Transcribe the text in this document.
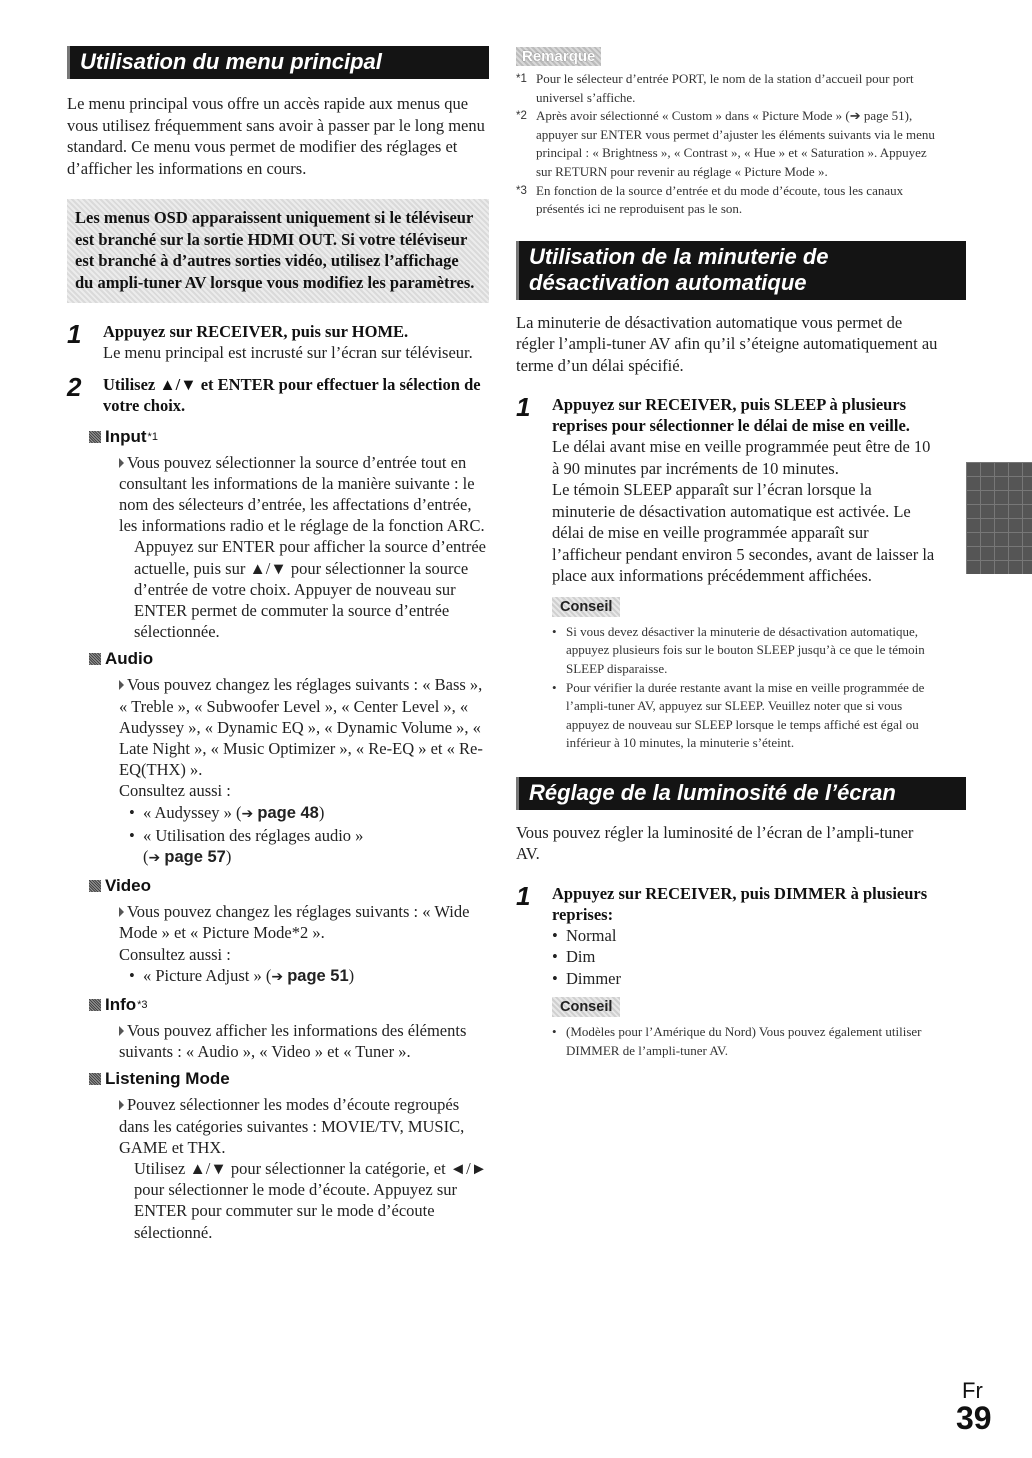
Utilisation du menu principal

Le menu principal vous offre un accès rapide aux menus que vous utilisez fréquemment sans avoir à passer par le long menu standard. Ce menu vous permet de modifier des réglages et d’afficher les informations en cours.

Les menus OSD apparaissent uniquement si le téléviseur est branché sur la sortie HDMI OUT. Si votre téléviseur est branché à d’autres sorties vidéo, utilisez l’affichage du ampli-tuner AV lorsque vous modifiez les paramètres.
1 Appuyez sur RECEIVER, puis sur HOME.
Le menu principal est incrusté sur l’écran sur téléviseur.
2 Utilisez ▲/▼ et ENTER pour effectuer la sélection de votre choix.
Input *1
Vous pouvez sélectionner la source d’entrée tout en consultant les informations de la manière suivante : le nom des sélecteurs d’entrée, les affectations d’entrée, les informations radio et le réglage de la fonction ARC.
Appuyez sur ENTER pour afficher la source d’entrée actuelle, puis sur ▲/▼ pour sélectionner la source d’entrée de votre choix. Appuyer de nouveau sur ENTER permet de commuter la source d’entrée sélectionnée.
Audio
Vous pouvez changez les réglages suivants : « Bass », « Treble », « Subwoofer Level », « Center Level », « Audyssey », « Dynamic EQ », « Dynamic Volume », « Late Night », « Music Optimizer », « Re-EQ » et « Re-EQ(THX) ».
Consultez aussi :
• « Audyssey » (➔ page 48)
• « Utilisation des réglages audio »
(➔ page 57)
Video
Vous pouvez changez les réglages suivants : « Wide Mode » et « Picture Mode*2 ».
Consultez aussi :
• « Picture Adjust » (➔ page 51)
Info *3
Vous pouvez afficher les informations des éléments suivants : « Audio », « Video » et « Tuner ».
Listening Mode
Pouvez sélectionner les modes d’écoute regroupés dans les catégories suivantes : MOVIE/TV, MUSIC, GAME et THX.
Utilisez ▲/▼ pour sélectionner la catégorie, et ◄/► pour sélectionner le mode d’écoute. Appuyez sur ENTER pour commuter sur le mode d’écoute sélectionné.
Remarque
*1 Pour le sélecteur d’entrée PORT, le nom de la station d’accueil pour port universel s’affiche.
*2 Après avoir sélectionné « Custom » dans « Picture Mode » (➔ page 51), appuyer sur ENTER vous permet d’ajuster les éléments suivants via le menu principal : « Brightness », « Contrast », « Hue » et « Saturation ». Appuyez sur RETURN pour revenir au réglage « Picture Mode ».
*3 En fonction de la source d’entrée et du mode d’écoute, tous les canaux présentés ici ne reproduisent pas le son.
Utilisation de la minuterie de
désactivation automatique

La minuterie de désactivation automatique vous permet de régler l’ampli-tuner AV afin qu’il s’éteigne automatiquement au terme d’un délai spécifié.

1 Appuyez sur RECEIVER, puis SLEEP à plusieurs reprises pour sélectionner le délai de mise en veille.
Le délai avant mise en veille programmée peut être de 10 à 90 minutes par incréments de 10 minutes.
Le témoin SLEEP apparaît sur l’écran lorsque la minuterie de désactivation automatique est activée. Le délai de mise en veille programmée apparaît sur l’afficheur pendant environ 5 secondes, avant de laisser la place aux informations précédemment affichées.
Conseil
• Si vous devez désactiver la minuterie de désactivation automatique, appuyez plusieurs fois sur le bouton SLEEP jusqu’à ce que le témoin SLEEP disparaisse.
• Pour vérifier la durée restante avant la mise en veille programmée de l’ampli-tuner AV, appuyez sur SLEEP. Veuillez noter que si vous appuyez de nouveau sur SLEEP lorsque le temps affiché est égal ou inférieur à 10 minutes, la minuterie s’éteint.
Réglage de la luminosité de l’écran

Vous pouvez régler la luminosité de l’écran de l’ampli-tuner AV.

1 Appuyez sur RECEIVER, puis DIMMER à plusieurs reprises:
• Normal
• Dim
• Dimmer
Conseil
• (Modèles pour l’Amérique du Nord) Vous pouvez également utiliser DIMMER de l’ampli-tuner AV.
Fr
39
